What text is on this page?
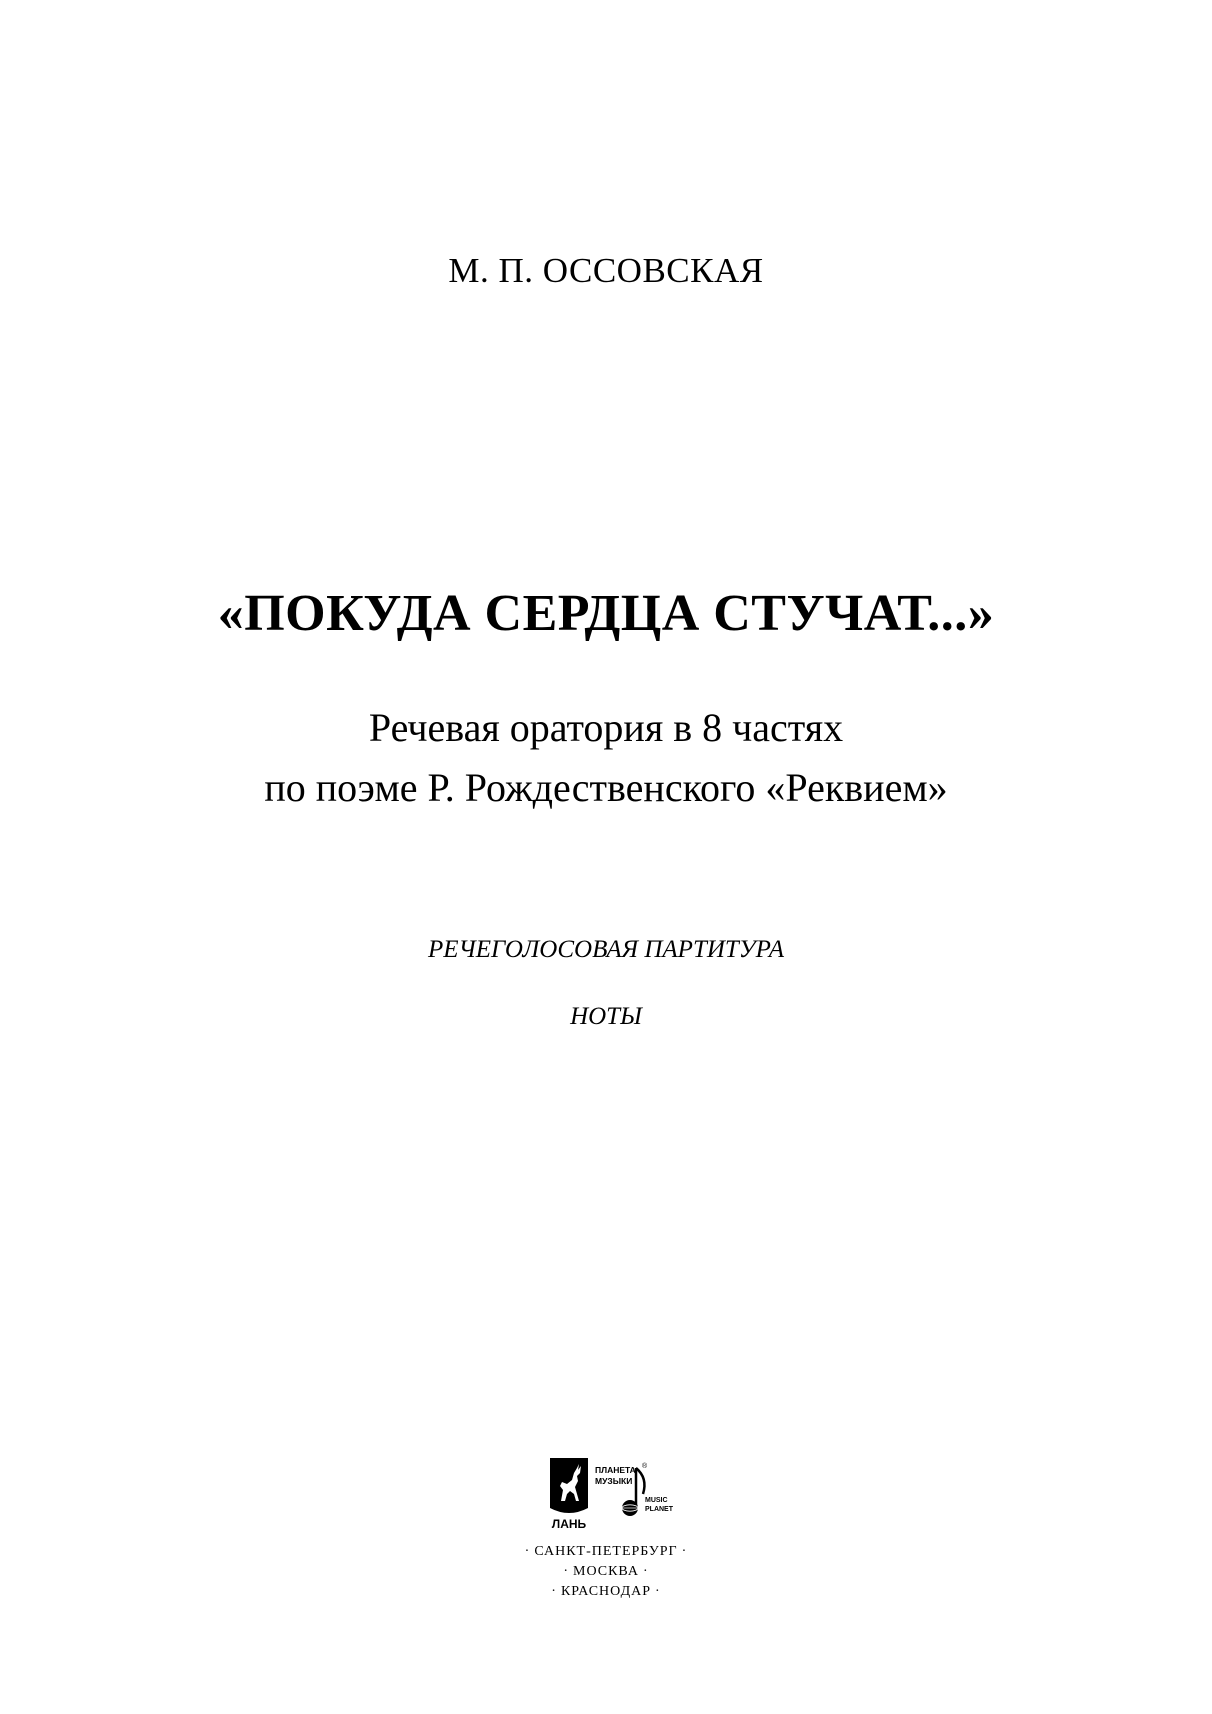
М. П. ОССОВСКАЯ
«ПОКУДА СЕРДЦА СТУЧАТ...»
Речевая оратория в 8 частях
по поэме Р. Рождественского «Реквием»
РЕЧЕГОЛОСОВАЯ ПАРТИТУРА
НОТЫ
ЛАНЬ
ПЛАНЕТА
МУЗЫКИ
®
MUSIC
PLANET
· САНКТ-ПЕТЕРБУРГ ·
· МОСКВА ·
· КРАСНОДАР ·
